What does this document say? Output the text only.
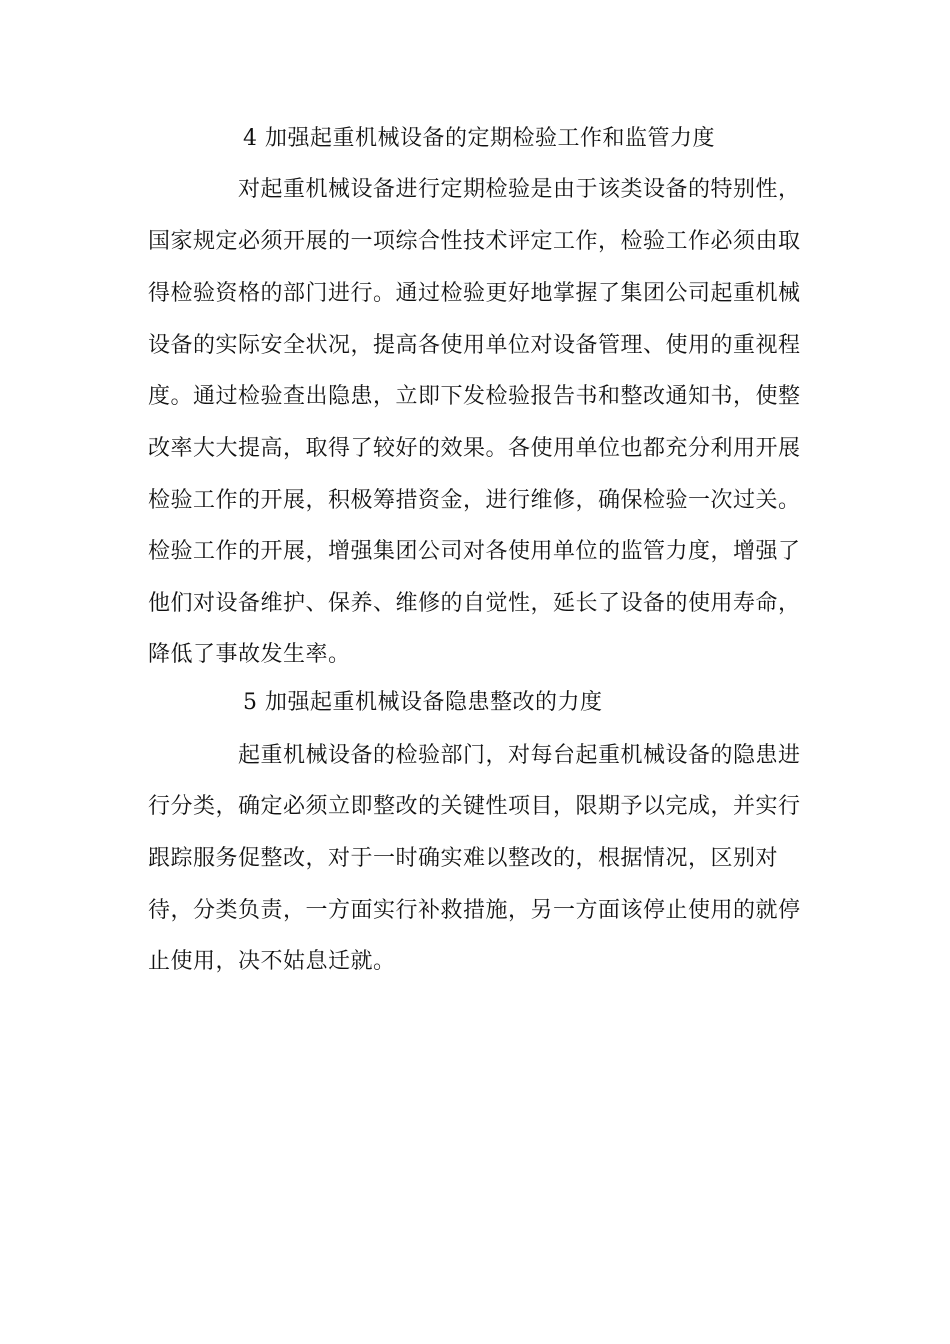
4 加强起重机械设备的定期检验工作和监管力度
对起重机械设备进行定期检验是由于该类设备的特别性，
国家规定必须开展的一项综合性技术评定工作，检验工作必须由取
得检验资格的部门进行。通过检验更好地掌握了集团公司起重机械
设备的实际安全状况，提高各使用单位对设备管理、使用的重视程
度。通过检验查出隐患，立即下发检验报告书和整改通知书，使整
改率大大提高，取得了较好的效果。各使用单位也都充分利用开展
检验工作的开展，积极筹措资金，进行维修，确保检验一次过关。
检验工作的开展，增强集团公司对各使用单位的监管力度，增强了
他们对设备维护、保养、维修的自觉性，延长了设备的使用寿命，
降低了事故发生率。
5 加强起重机械设备隐患整改的力度
起重机械设备的检验部门，对每台起重机械设备的隐患进
行分类，确定必须立即整改的关键性项目，限期予以完成，并实行
跟踪服务促整改，对于一时确实难以整改的，根据情况，区别对
待，分类负责，一方面实行补救措施，另一方面该停止使用的就停
止使用，决不姑息迁就。
